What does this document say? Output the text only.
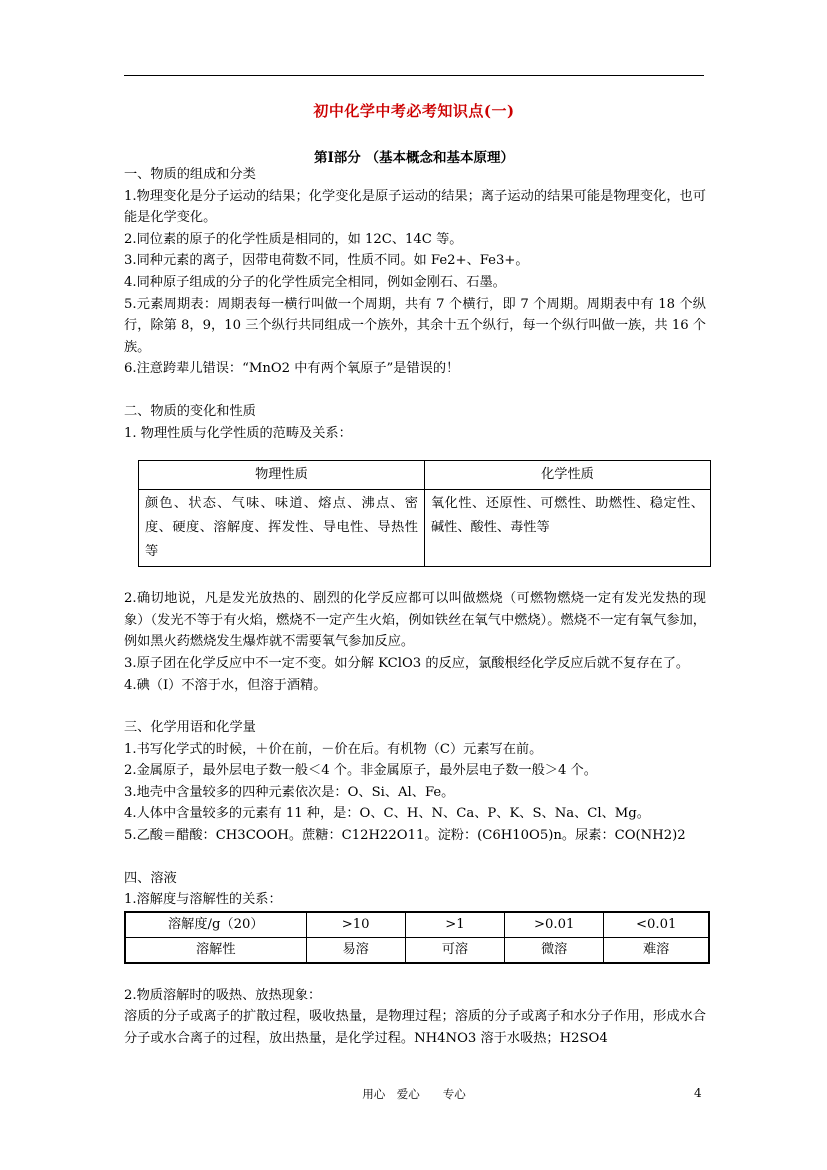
初中化学中考必考知识点(一)
第Ⅰ部分 （基本概念和基本原理）

一、物质的组成和分类

1.物理变化是分子运动的结果；化学变化是原子运动的结果；离子运动的结果可能是物理变化，也可能是化学变化。

2.同位素的原子的化学性质是相同的，如 12C、14C 等。

3.同种元素的离子，因带电荷数不同，性质不同。如 Fe2+、Fe3+。

4.同种原子组成的分子的化学性质完全相同，例如金刚石、石墨。

5.元素周期表：周期表每一横行叫做一个周期，共有 7 个横行，即 7 个周期。周期表中有 18 个纵行，除第 8，9，10 三个纵行共同组成一个族外，其余十五个纵行，每一个纵行叫做一族，共 16 个族。

6.注意跨辈儿错误：“MnO2 中有两个氧原子”是错误的！

二、物质的变化和性质

1. 物理性质与化学性质的范畴及关系：

物理性质	化学性质
颜色、状态、气味、味道、熔点、沸点、密度、硬度、溶解度、挥发性、导电性、导热性等	氧化性、还原性、可燃性、助燃性、稳定性、碱性、酸性、毒性等

2.确切地说，凡是发光放热的、剧烈的化学反应都可以叫做燃烧（可燃物燃烧一定有发光发热的现象）（发光不等于有火焰，燃烧不一定产生火焰，例如铁丝在氧气中燃烧）。燃烧不一定有氧气参加，例如黑火药燃烧发生爆炸就不需要氧气参加反应。

3.原子团在化学反应中不一定不变。如分解 KClO3 的反应，氯酸根经化学反应后就不复存在了。

4.碘（I）不溶于水，但溶于酒精。

三、化学用语和化学量

1.书写化学式的时候，＋价在前，－价在后。有机物（C）元素写在前。

2.金属原子，最外层电子数一般＜4 个。非金属原子，最外层电子数一般＞4 个。

3.地壳中含量较多的四种元素依次是：O、Si、Al、Fe。

4.人体中含量较多的元素有 11 种，是：O、C、H、N、Ca、P、K、S、Na、Cl、Mg。

5.乙酸＝醋酸：CH3COOH。蔗糖：C12H22O11。淀粉：(C6H10O5)n。尿素：CO(NH2)2

四、溶液

1.溶解度与溶解性的关系：

溶解度/g（20）	>10	>1	>0.01	<0.01
溶解性	易溶	可溶	微溶	难溶

2.物质溶解时的吸热、放热现象：

溶质的分子或离子的扩散过程，吸收热量，是物理过程；溶质的分子或离子和水分子作用，形成水合分子或水合离子的过程，放出热量，是化学过程。NH4NO3 溶于水吸热；H2SO4

用心　爱心　　专心	4
